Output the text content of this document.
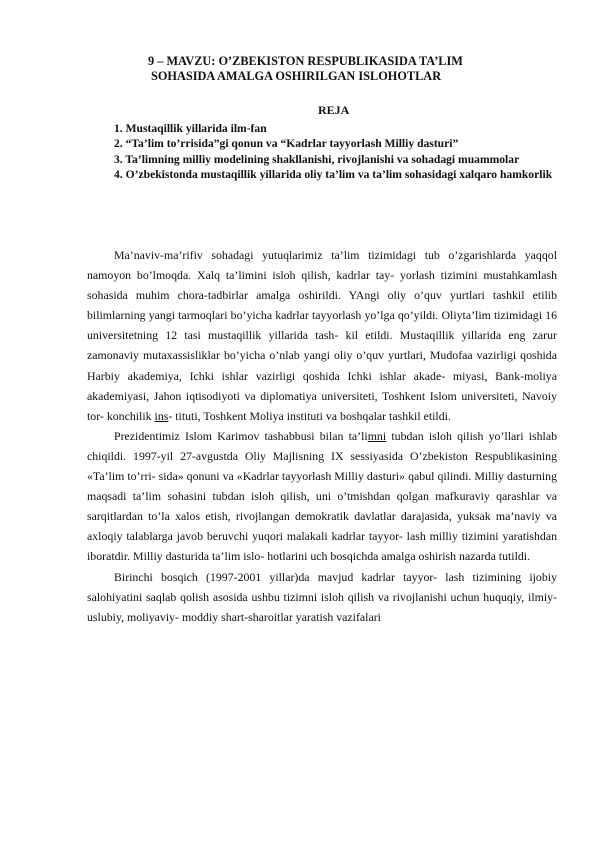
9 – MAVZU: O’ZBEKISTON RESPUBLIKASIDA TA’LIM
SOHASIDA AMALGA OSHIRILGAN ISLOHOTLAR
REJA

1. Mustaqillik yillarida ilm-fan

2. “Ta’lim to’rrisida”gi qonun va “Kadrlar tayyorlash Milliy dasturi”

3. Ta’limning milliy modelining shakllanishi, rivojlanishi va sohadagi muammolar

4. O’zbekistonda mustaqillik yillarida oliy ta’lim va ta’lim sohasidagi xalqaro hamkorlik

Ma’naviv-ma’rifiv sohadagi yutuqlarimiz ta’lim tizimidagi tub o’zgarishlarda yaqqol namoyon bo’lmoqda. Xalq ta’limini isloh qilish, kadrlar tay- yorlash tizimini mustahkamlash sohasida muhim chora-tadbirlar amalga oshirildi. YAngi oliy o’quv yurtlari tashkil etilib bilimlarning yangi tarmoqlari bo’yicha kadrlar tayyorlash yo’lga qo’yildi. Oliyta’lim tizimidagi 16 universitetning 12 tasi mustaqillik yillarida tash- kil etildi. Mustaqillik yillarida eng zarur zamonaviy mutaxassisliklar bo’yicha o’nlab yangi oliy o’quv yurtlari, Mudofaa vazirligi qoshida Harbiy akademiya, Ichki ishlar vazirligi qoshida Ichki ishlar akade- miyasi, Bank-moliya akademiyasi, Jahon iqtisodiyoti va diplomatiya universiteti, Toshkent Islom universiteti, Navoiy tor- konchilik ins- tituti, Toshkent Moliya instituti va boshqalar tashkil etildi.

Prezidentimiz Islom Karimov tashabbusi bilan ta’limni tubdan isloh qilish yo’llari ishlab chiqildi. 1997-yil 27-avgustda Oliy Majlisning IX sessiyasida O’zbekiston Respublikasining «Ta’lim to’rri- sida» qonuni va «Kadrlar tayyorlash Milliy dasturi» qabul qilindi. Milliy dasturning maqsadi ta’lim sohasini tubdan isloh qilish, uni o’tmishdan qolgan mafkuraviy qarashlar va sarqitlardan to’la xalos etish, rivojlangan demokratik davlatlar darajasida, yuksak ma’naviy va axloqiy talablarga javob beruvchi yuqori malakali kadrlar tayyor- lash milliy tizimini yaratishdan iboratdir. Milliy dasturida ta’lim islo- hotlarini uch bosqichda amalga oshirish nazarda tutildi.

Birinchi bosqich (1997-2001 yillar)da mavjud kadrlar tayyor- lash tizimining ijobiy salohiyatini saqlab qolish asosida ushbu tizimni isloh qilish va rivojlanishi uchun huquqiy, ilmiy-uslubiy, moliyaviy- moddiy shart-sharoitlar yaratish vazifalari
